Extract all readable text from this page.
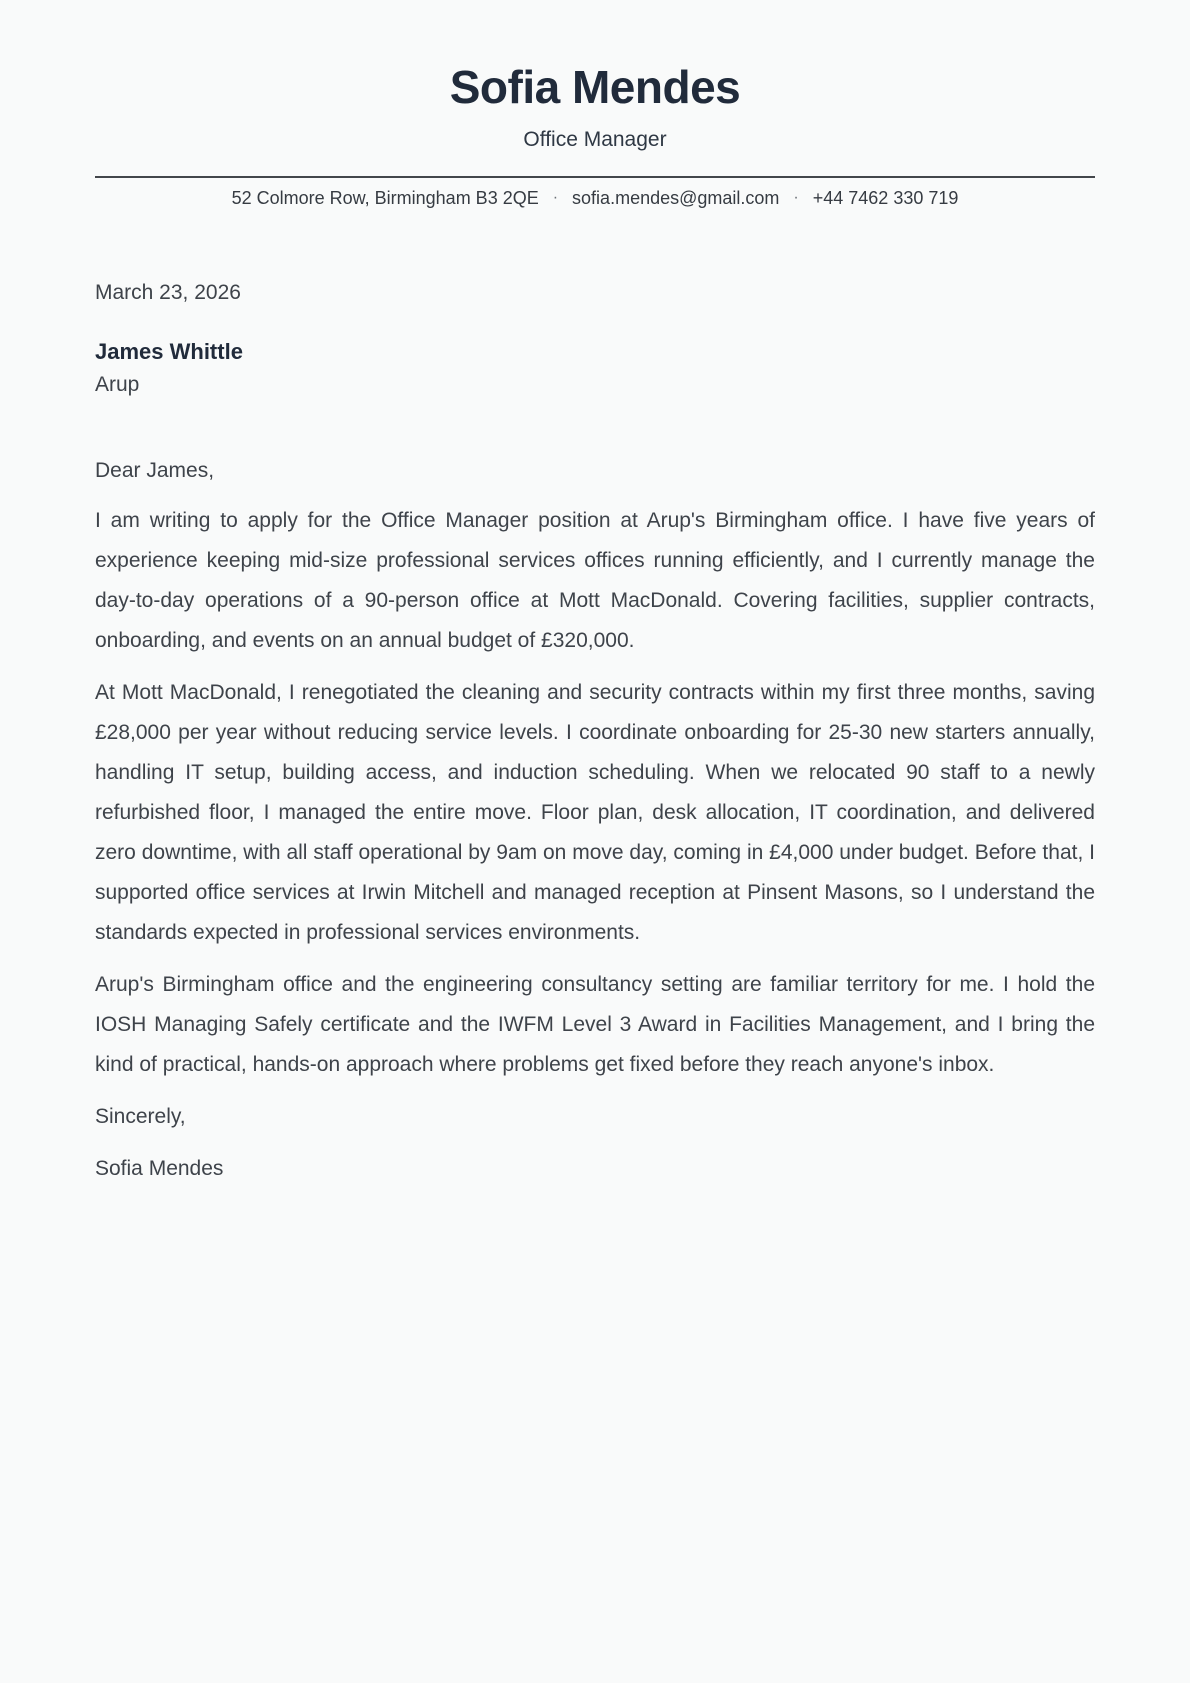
Sofia Mendes
Office Manager
52 Colmore Row, Birmingham B3 2QE · sofia.mendes@gmail.com · +44 7462 330 719
March 23, 2026
James Whittle
Arup
Dear James,

I am writing to apply for the Office Manager position at Arup's Birmingham office. I have five years of experience keeping mid-size professional services offices running efficiently, and I currently manage the day-to-day operations of a 90-person office at Mott MacDonald. Covering facilities, supplier contracts, onboarding, and events on an annual budget of £320,000.

At Mott MacDonald, I renegotiated the cleaning and security contracts within my first three months, saving £28,000 per year without reducing service levels. I coordinate onboarding for 25-30 new starters annually, handling IT setup, building access, and induction scheduling. When we relocated 90 staff to a newly refurbished floor, I managed the entire move. Floor plan, desk allocation, IT coordination, and delivered zero downtime, with all staff operational by 9am on move day, coming in £4,000 under budget. Before that, I supported office services at Irwin Mitchell and managed reception at Pinsent Masons, so I understand the standards expected in professional services environments.

Arup's Birmingham office and the engineering consultancy setting are familiar territory for me. I hold the IOSH Managing Safely certificate and the IWFM Level 3 Award in Facilities Management, and I bring the kind of practical, hands-on approach where problems get fixed before they reach anyone's inbox.

Sincerely,
Sofia Mendes
